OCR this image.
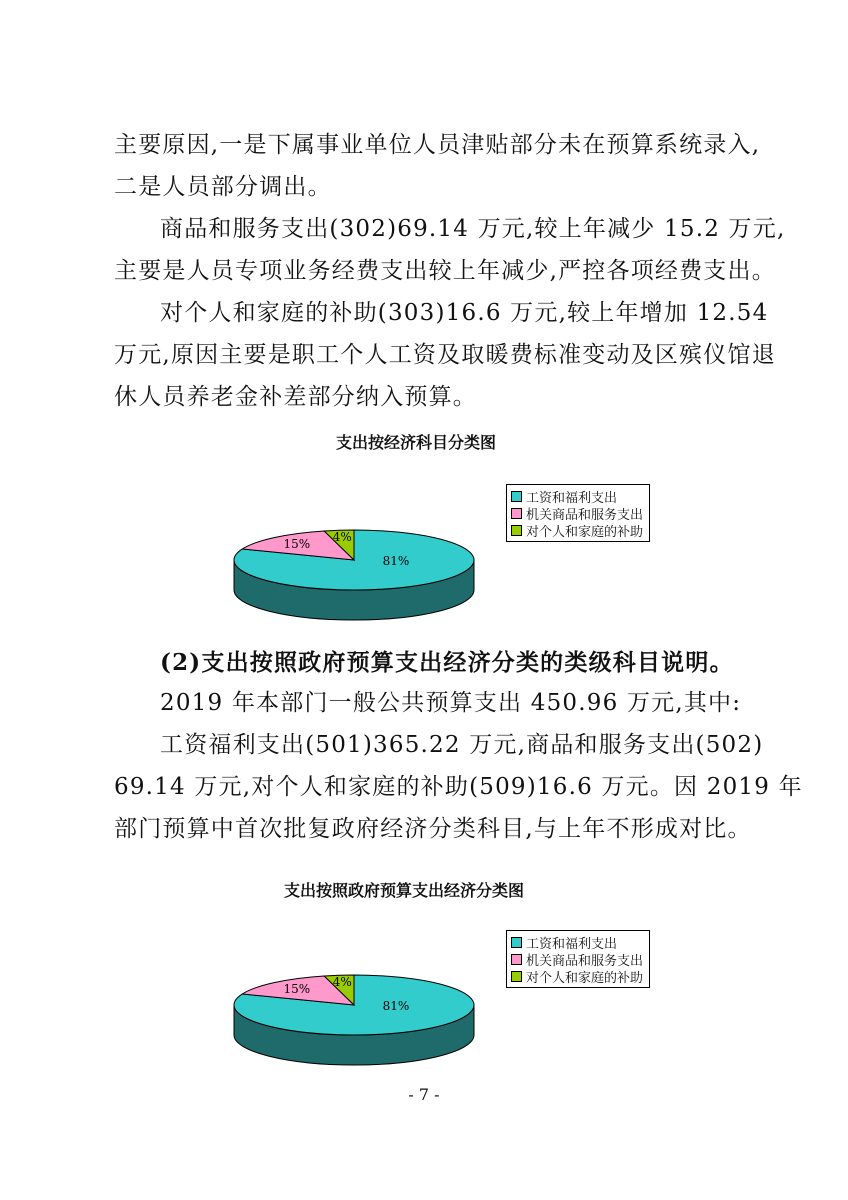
主要原因,一是下属事业单位人员津贴部分未在预算系统录入,
二是人员部分调出。
商品和服务支出(302)69.14 万元,较上年减少 15.2 万元,
主要是人员专项业务经费支出较上年减少,严控各项经费支出。
对个人和家庭的补助(303)16.6 万元,较上年增加 12.54
万元,原因主要是职工个人工资及取暖费标准变动及区殡仪馆退
休人员养老金补差部分纳入预算。
支出按经济科目分类图
81%
15%
4%
工资和福利支出
机关商品和服务支出
对个人和家庭的补助
(2)支出按照政府预算支出经济分类的类级科目说明。
2019 年本部门一般公共预算支出 450.96 万元,其中:
工资福利支出(501)365.22 万元,商品和服务支出(502)
69.14 万元,对个人和家庭的补助(509)16.6 万元。因 2019 年
部门预算中首次批复政府经济分类科目,与上年不形成对比。
支出按照政府预算支出经济分类图
81%
15%
4%
工资和福利支出
机关商品和服务支出
对个人和家庭的补助
- 7 -
